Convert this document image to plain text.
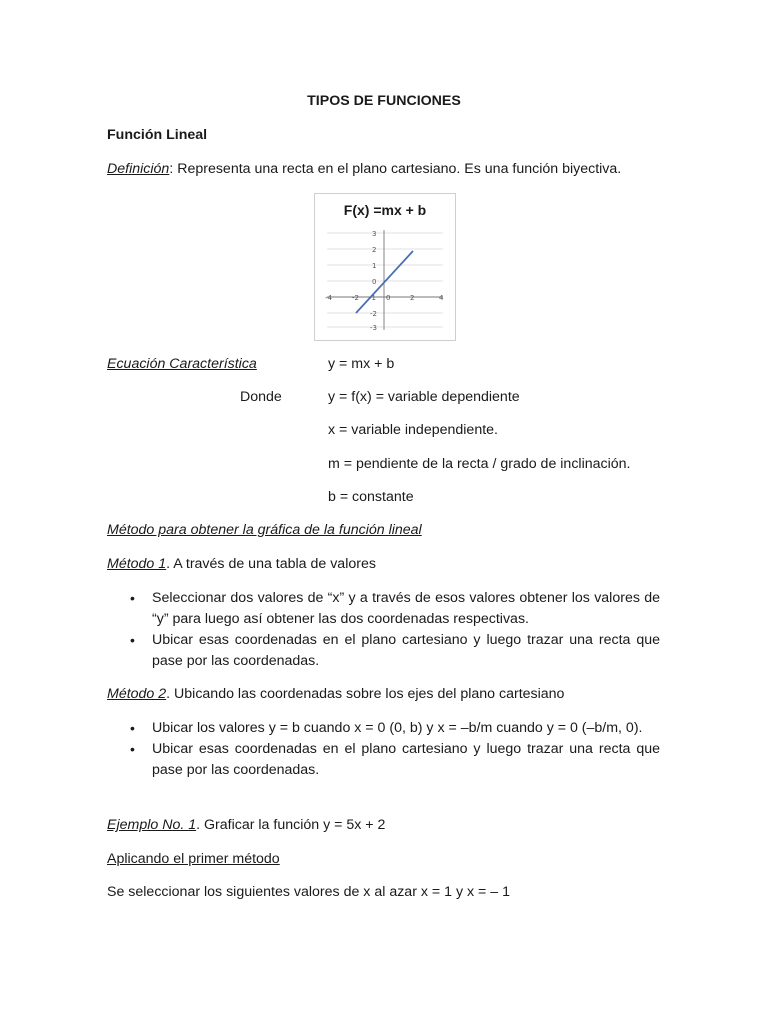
TIPOS DE FUNCIONES
Función Lineal
Definición: Representa una recta en el plano cartesiano. Es una función biyectiva.
F(x) =mx + b
-4	-2 -1 0	2	4
3
2
1
0
-2
-3
Ecuación Característica	y = mx + b
Donde	y = f(x) = variable dependiente
x = variable independiente.
m = pendiente de la recta / grado de inclinación.
b = constante
Método para obtener la gráfica de la función lineal
Método 1. A través de una tabla de valores
• Seleccionar dos valores de “x” y a través de esos valores obtener los valores de “y” para luego así obtener las dos coordenadas respectivas.
• Ubicar esas coordenadas en el plano cartesiano y luego trazar una recta que pase por las coordenadas.
Método 2. Ubicando las coordenadas sobre los ejes del plano cartesiano
• Ubicar los valores y = b cuando x = 0 (0, b) y x = –b/m cuando y = 0 (–b/m, 0).
• Ubicar esas coordenadas en el plano cartesiano y luego trazar una recta que pase por las coordenadas.
Ejemplo No. 1. Graficar la función y = 5x + 2
Aplicando el primer método
Se seleccionar los siguientes valores de x al azar x = 1 y x = – 1
